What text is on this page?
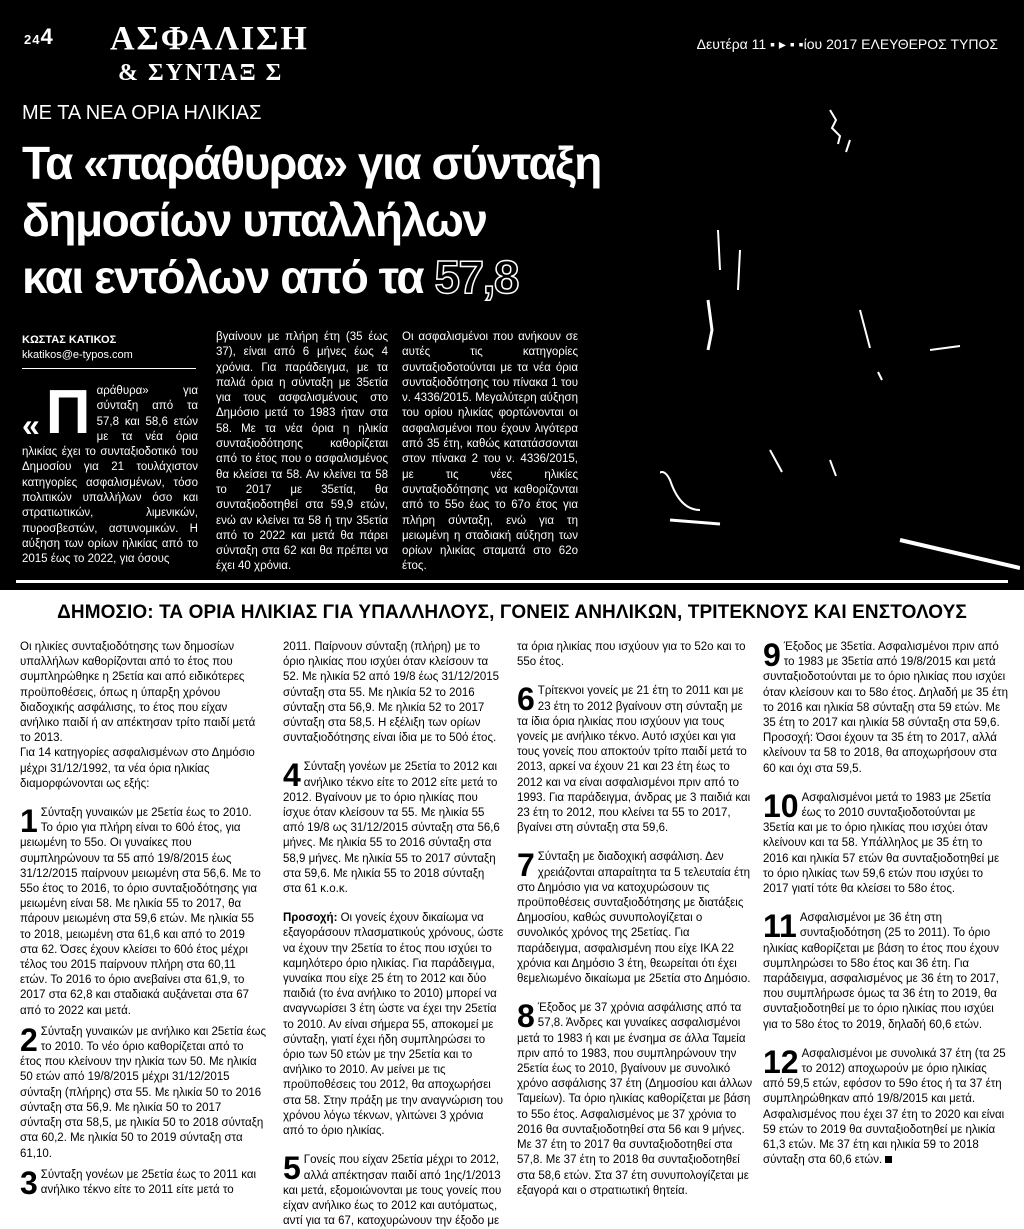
244 ΑΣΦΑΛΙΣΗ
& ΣΥΝΤΑΞ Σ
Δευτέρα 11 ▪ ▸ ▪ ▪ίου 2017 ΕΛΕΥΘΕΡΟΣ ΤΥΠΟΣ
ΜΕ ΤΑ ΝΕΑ ΟΡΙΑ ΗΛΙΚΙΑΣ
Τα «παράθυρα» για σύνταξη
δημοσίων υπαλλήλων
και εντόλων από τα 57,8
ΚΩΣΤΑΣ ΚΑΤΙΚΟΣ
kkatikos@e-typos.com
«Π αράθυρα» για σύνταξη από τα 57,8 και 58,6 ετών με τα νέα όρια ηλικίας έχει το συνταξιοδοτικό του Δημοσίου για 21 τουλάχιστον κατηγορίες ασφαλισμένων, τόσο πολιτικών υπαλλήλων όσο και στρατιωτικών, λιμενικών, πυροσβεστών, αστυνομικών. Η αύξηση των ορίων ηλικίας από το 2015 έως το 2022, για όσους
βγαίνουν με πλήρη έτη (35 έως 37), είναι από 6 μήνες έως 4 χρόνια. Για παράδειγμα, με τα παλιά όρια η σύνταξη με 35ετία για τους ασφαλισμένους στο Δημόσιο μετά το 1983 ήταν στα 58. Με τα νέα όρια η ηλικία συνταξιοδότησης καθορίζεται από το έτος που ο ασφαλισμένος θα κλείσει τα 58. Αν κλείνει τα 58 το 2017 με 35ετία, θα συνταξιοδοτηθεί στα 59,9 ετών, ενώ αν κλείνει τα 58 ή την 35ετία από το 2022 και μετά θα πάρει σύνταξη στα 62 και θα πρέπει να έχει 40 χρόνια.
Οι ασφαλισμένοι που ανήκουν σε αυτές τις κατηγορίες συνταξιοδοτούνται με τα νέα όρια συνταξιοδότησης του πίνακα 1 του ν. 4336/2015. Μεγαλύτερη αύξηση του ορίου ηλικίας φορτώνονται οι ασφαλισμένοι που έχουν λιγότερα από 35 έτη, καθώς κατατάσσονται στον πίνακα 2 του ν. 4336/2015, με τις νέες ηλικίες συνταξιοδότησης να καθορίζονται από το 55ο έως το 67ο έτος για πλήρη σύνταξη, ενώ για τη μειωμένη η σταδιακή αύξηση των ορίων ηλικίας σταματά στο 62ο έτος.
ΔΗΜΟΣΙΟ: ΤΑ ΟΡΙΑ ΗΛΙΚΙΑΣ ΓΙΑ ΥΠΑΛΛΗΛΟΥΣ, ΓΟΝΕΙΣ ΑΝΗΛΙΚΩΝ, ΤΡΙΤΕΚΝΟΥΣ ΚΑΙ ΕΝΣΤΟΛΟΥΣ

Οι ηλικίες συνταξιοδότησης των δημοσίων υπαλλήλων καθορίζονται από το έτος που συμπληρώθηκε η 25ετία και από ειδικότερες προϋποθέσεις, όπως η ύπαρξη χρόνου διαδοχικής ασφάλισης, το έτος που είχαν ανήλικο παιδί ή αν απέκτησαν τρίτο παιδί μετά το 2013.

Για 14 κατηγορίες ασφαλισμένων στο Δημόσιο μέχρι 31/12/1992, τα νέα όρια ηλικίας διαμορφώνονται ως εξής:

1 Σύνταξη γυναικών με 25ετία έως το 2010. Το όριο για πλήρη είναι το 60ό έτος, για μειωμένη το 55ο. Οι γυναίκες που συμπληρώνουν τα 55 από 19/8/2015 έως 31/12/2015 παίρνουν μειωμένη στα 56,6. Με το 55ο έτος το 2016, το όριο συνταξιοδότησης για μειωμένη είναι 58. Με ηλικία 55 το 2017, θα πάρουν μειωμένη στα 59,6 ετών. Με ηλικία 55 το 2018, μειωμένη στα 61,6 και από το 2019 στα 62. Όσες έχουν κλείσει το 60ό έτος μέχρι τέλος του 2015 παίρνουν πλήρη στα 60,11 ετών. Το 2016 το όριο ανεβαίνει στα 61,9, το 2017 στα 62,8 και σταδιακά αυξάνεται στα 67 από το 2022 και μετά.
2 Σύνταξη γυναικών με ανήλικο και 25ετία έως το 2010. Το νέο όριο καθορίζεται από το έτος που κλείνουν την ηλικία των 50. Με ηλικία 50 ετών από 19/8/2015 μέχρι 31/12/2015 σύνταξη (πλήρης) στα 55. Με ηλικία 50 το 2016 σύνταξη στα 56,9. Με ηλικία 50 το 2017 σύνταξη στα 58,5, με ηλικία 50 το 2018 σύνταξη στα 60,2. Με ηλικία 50 το 2019 σύνταξη στα 61,10.
3 Σύνταξη γονέων με 25ετία έως το 2011 και ανήλικο τέκνο είτε το 2011 είτε μετά το

2011. Παίρνουν σύνταξη (πλήρη) με το όριο ηλικίας που ισχύει όταν κλείσουν τα 52. Με ηλικία 52 από 19/8 έως 31/12/2015 σύνταξη στα 55. Με ηλικία 52 το 2016 σύνταξη στα 56,9. Με ηλικία 52 το 2017 σύνταξη στα 58,5. Η εξέλιξη των ορίων συνταξιοδότησης είναι ίδια με το 50ό έτος.

4 Σύνταξη γονέων με 25ετία το 2012 και ανήλικο τέκνο είτε το 2012 είτε μετά το 2012. Βγαίνουν με το όριο ηλικίας που ίσχυε όταν κλείσουν τα 55. Με ηλικία 55 από 19/8 ως 31/12/2015 σύνταξη στα 56,6 μήνες. Με ηλικία 55 το 2016 σύνταξη στα 58,9 μήνες. Με ηλικία 55 το 2017 σύνταξη στα 59,6. Με ηλικία 55 το 2018 σύνταξη στα 61 κ.ο.κ.
Προσοχή: Οι γονείς έχουν δικαίωμα να εξαγοράσουν πλασματικούς χρόνους, ώστε να έχουν την 25ετία το έτος που ισχύει το καμηλότερο όριο ηλικίας. Για παράδειγμα, γυναίκα που είχε 25 έτη το 2012 και δύο παιδιά (το ένα ανήλικο το 2010) μπορεί να αναγνωρίσει 3 έτη ώστε να έχει την 25ετία το 2010. Αν είναι σήμερα 55, αποκομεί με σύνταξη, γιατί έχει ήδη συμπληρώσει το όριο των 50 ετών με την 25ετία και το ανήλικο το 2010. Αν μείνει με τις προϋποθέσεις του 2012, θα αποχωρήσει στα 58. Στην πράξη με την αναγνώριση του χρόνου λόγω τέκνων, γλιτώνει 3 χρόνια από το όριο ηλικίας.
5 Γονείς που είχαν 25ετία μέχρι το 2012, αλλά απέκτησαν παιδί από 1ης/1/2013 και μετά, εξομοιώνονται με τους γονείς που είχαν ανήλικο έως το 2012 και αυτόματως, αντί για τα 67, κατοχυρώνουν την έξοδο με

τα όρια ηλικίας που ισχύουν για το 52ο και το 55ο έτος.

6 Τρίτεκνοι γονείς με 21 έτη το 2011 και με 23 έτη το 2012 βγαίνουν στη σύνταξη με τα ίδια όρια ηλικίας που ισχύουν για τους γονείς με ανήλικο τέκνο. Αυτό ισχύει και για τους γονείς που αποκτούν τρίτο παιδί μετά το 2013, αρκεί να έχουν 21 και 23 έτη έως το 2012 και να είναι ασφαλισμένοι πριν από το 1993. Για παράδειγμα, άνδρας με 3 παιδιά και 23 έτη το 2012, που κλείνει τα 55 το 2017, βγαίνει στη σύνταξη στα 59,6.
7 Σύνταξη με διαδοχική ασφάλιση. Δεν χρειάζονται απαραίτητα τα 5 τελευταία έτη στο Δημόσιο για να κατοχυρώσουν τις προϋποθέσεις συνταξιοδότησης με διατάξεις Δημοσίου, καθώς συνυπολογίζεται ο συνολικός χρόνος της 25ετίας. Για παράδειγμα, ασφαλισμένη που είχε ΙΚΑ 22 χρόνια και Δημόσιο 3 έτη, θεωρείται ότι έχει θεμελιωμένο δικαίωμα με 25ετία στο Δημόσιο.
8 Έξοδος με 37 χρόνια ασφάλισης από τα 57,8. Άνδρες και γυναίκες ασφαλισμένοι μετά το 1983 ή και με ένσημα σε άλλα Ταμεία πριν από το 1983, που συμπληρώνουν την 25ετία έως το 2010, βγαίνουν με συνολικό χρόνο ασφάλισης 37 έτη (Δημοσίου και άλλων Ταμείων). Τα όριο ηλικίας καθορίζεται με βάση το 55ο έτος. Ασφαλισμένος με 37 χρόνια το 2016 θα συνταξιοδοτηθεί στα 56 και 9 μήνες. Με 37 έτη το 2017 θα συνταξιοδοτηθεί στα 57,8. Με 37 έτη το 2018 θα συνταξιοδοτηθεί στα 58,6 ετών. Στα 37 έτη συνυπολογίζεται με εξαγορά και ο στρατιωτική θητεία.
9 Έξοδος με 35ετία. Ασφαλισμένοι πριν από το 1983 με 35ετία από 19/8/2015 και μετά συνταξιοδοτούνται με το όριο ηλικίας που ισχύει όταν κλείσουν και το 58ο έτος. Δηλαδή με 35 έτη το 2016 και ηλικία 58 σύνταξη στα 59 ετών. Με 35 έτη το 2017 και ηλικία 58 σύνταξη στα 59,6. Προσοχή: Όσοι έχουν τα 35 έτη το 2017, αλλά κλείνουν τα 58 το 2018, θα αποχωρήσουν στα 60 και όχι στα 59,5.
10 Ασφαλισμένοι μετά το 1983 με 25ετία έως το 2010 συνταξιοδοτούνται με 35ετία και με το όριο ηλικίας που ισχύει όταν κλείνουν και τα 58. Υπάλληλος με 35 έτη το 2016 και ηλικία 57 ετών θα συνταξιοδοτηθεί με το όριο ηλικίας των 59,6 ετών που ισχύει το 2017 γιατί τότε θα κλείσει το 58ο έτος.
11 Ασφαλισμένοι με 36 έτη στη συνταξιοδότηση (25 το 2011). Το όριο ηλικίας καθορίζεται με βάση το έτος που έχουν συμπληρώσει το 58ο έτος και 36 έτη. Για παράδειγμα, ασφαλισμένος με 36 έτη το 2017, που συμπλήρωσε όμως τα 36 έτη το 2019, θα συνταξιοδοτηθεί με το όριο ηλικίας που ισχύει για το 58ο έτος το 2019, δηλαδή 60,6 ετών.
12 Ασφαλισμένοι με συνολικά 37 έτη (τα 25 το 2012) αποχωρούν με όριο ηλικίας από 59,5 ετών, εφόσον το 59ο έτος ή τα 37 έτη συμπληρώθηκαν από 19/8/2015 και μετά. Ασφαλισμένος που έχει 37 έτη το 2020 και είναι 59 ετών το 2019 θα συνταξιοδοτηθεί με ηλικία 61,3 ετών. Με 37 έτη και ηλικία 59 το 2018 σύνταξη στα 60,6 ετών.
